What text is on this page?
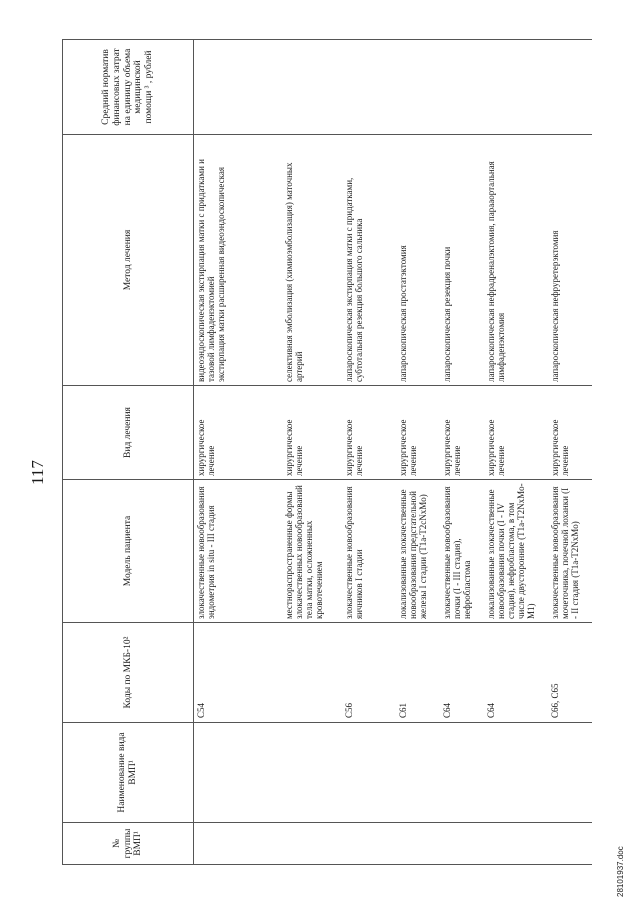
117
№ группы ВМП¹	Наименование вида ВМП¹	Коды по МКБ-10²	Модель пациента	Вид лечения	Метод лечения	Средний норматив финансовых затрат на единицу объема медицинской помощи ³ , рублей
		C54	злокачественные новообразования эндометрия in situ - III стадия	хирургическое лечение	видеоэндоскопическая экстирпация матки с придатками и тазовой лимфаденэктомией
экстирпация матки расширенная видеоэндоскопическая	
			местнораспространенные формы злокачественных новообразований тела матки, осложненных кровотечением	хирургическое лечение	селективная эмболизация (химиоэмболизация) маточных артерий	
		C56	злокачественные новообразования яичников I стадии	хирургическое лечение	лапароскопическая экстирпация матки с придатками, субтотальная резекция большого сальника	
		C61	локализованные злокачественные новообразования предстательной железы I стадии (T1a-T2cNxMo)	хирургическое лечение	лапароскопическая простатэктомия	
		C64	злокачественные новообразования почки (I - III стадия), нефробластома	хирургическое лечение	лапароскопическая резекция почки	
		C64	локализованные злокачественные новообразования почки (I - IV стадия), нефробластома, в том числе двусторонние (T1a-T2NxMo-M1)	хирургическое лечение	лапароскопическая нефрадреналэктомия, парааортальная лимфаденэктомия	
		C66, C65	злокачественные новообразования мочеточника, почечной лоханки (I - II стадия (T1a-T2NxMo)	хирургическое лечение	лапароскопическая нефруретерэктомия	
28101937.doc
